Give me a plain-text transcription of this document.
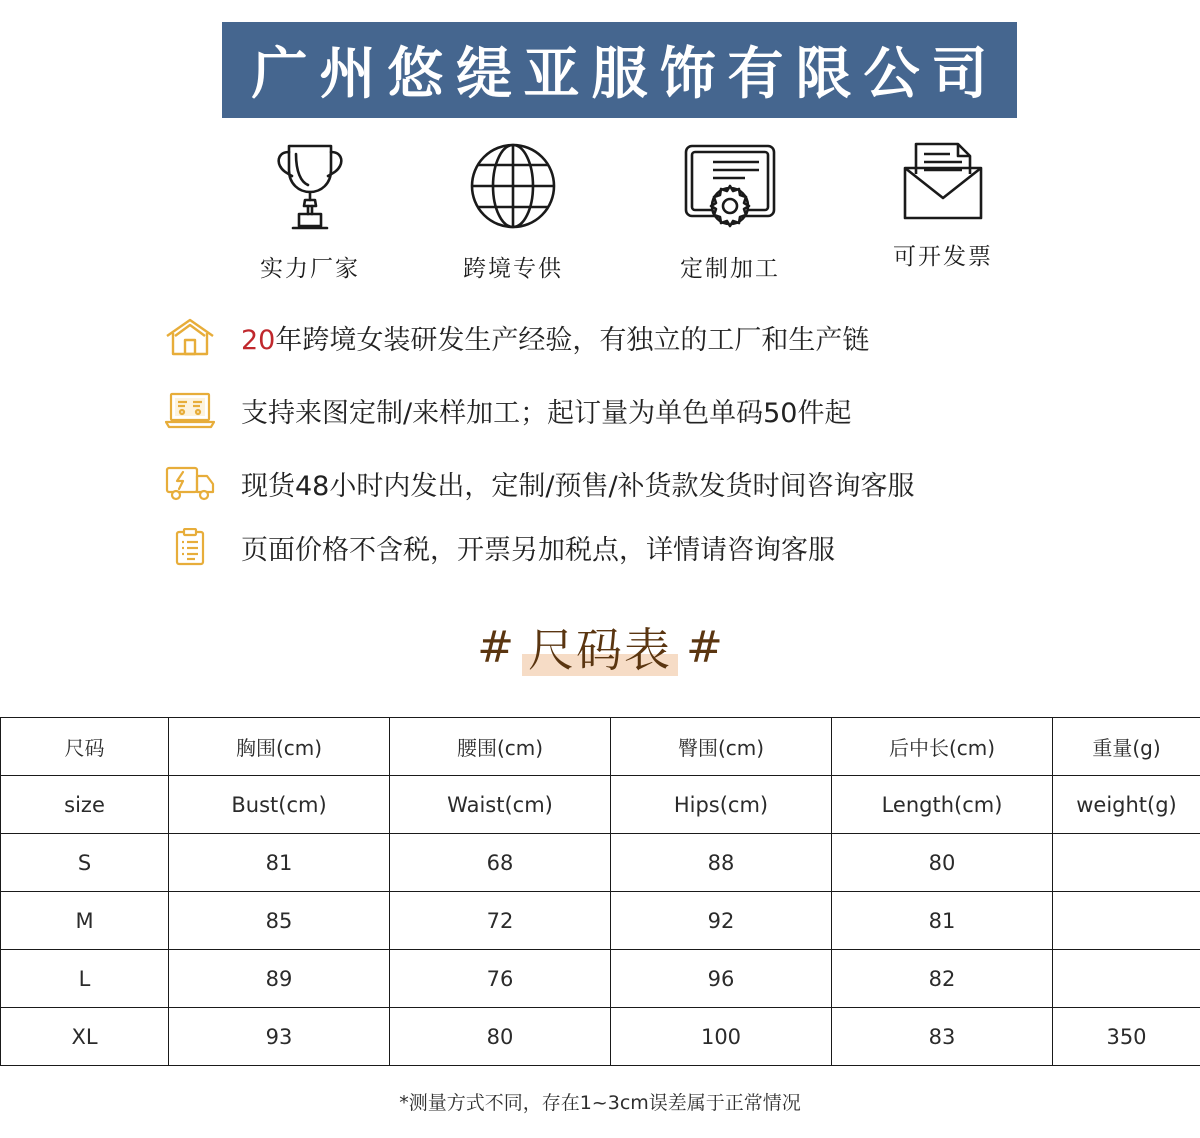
广州悠缇亚服饰有限公司
实力厂家	跨境专供	定制加工	可开发票
20年跨境女装研发生产经验，有独立的工厂和生产链
支持来图定制/来样加工；起订量为单色单码50件起
现货48小时内发出，定制/预售/补货款发货时间咨询客服
页面价格不含税，开票另加税点，详情请咨询客服
# 尺码表 #
尺码	胸围(cm)	腰围(cm)	臀围(cm)	后中长(cm)	重量(g)
size	Bust(cm)	Waist(cm)	Hips(cm)	Length(cm)	weight(g)
S	81	68	88	80	
M	85	72	92	81	
L	89	76	96	82	
XL	93	80	100	83	350
*测量方式不同，存在1~3cm误差属于正常情况
